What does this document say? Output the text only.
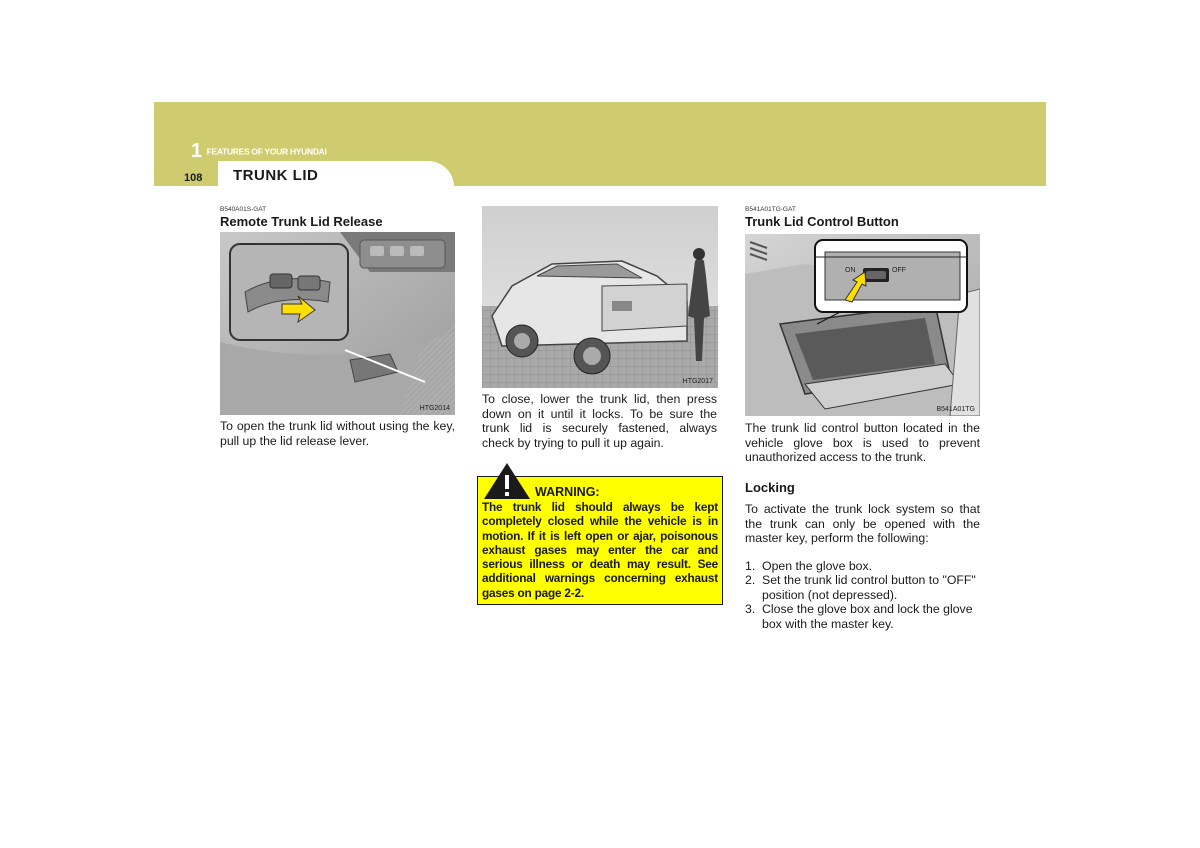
1 FEATURES OF YOUR HYUNDAI
108 TRUNK LID
B540A01S-GAT
Remote Trunk Lid Release
HTG2014
To open the trunk lid without using the key, pull up the lid release lever.
HTG2017
To close, lower the trunk lid, then press down on it until it locks. To be sure the trunk lid is securely fastened, always check by trying to pull it up again.
WARNING:
The trunk lid should always be kept completely closed while the vehicle is in motion. If it is left open or ajar, poisonous exhaust gases may enter the car and serious illness or death may result. See additional warnings concerning exhaust gases on page 2-2.
B541A01TG-GAT
Trunk Lid Control Button
ON	OFF
B541A01TG
The trunk lid control button located in the vehicle glove box is used to prevent unauthorized access to the trunk.
Locking
To activate the trunk lock system so that the trunk can only be opened with the master key, perform the following:
1. Open the glove box.
2. Set the trunk lid control button to "OFF" position (not depressed).
3. Close the glove box and lock the glove box with the master key.
